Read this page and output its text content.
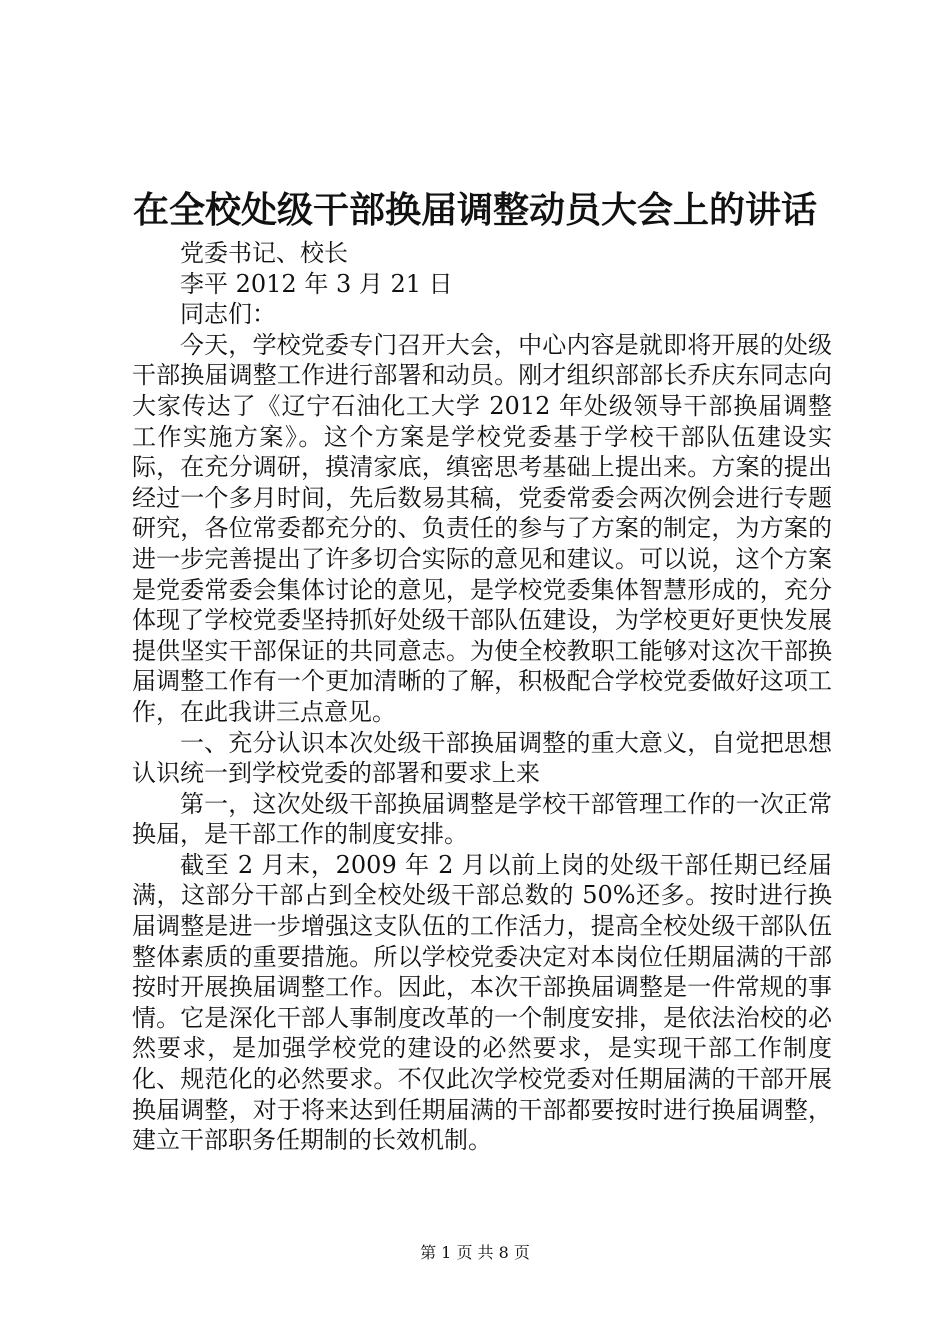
在全校处级干部换届调整动员大会上的讲话

党委书记、校长

李平 2012 年 3 月 21 日

同志们：

今天，学校党委专门召开大会，中心内容是就即将开展的处级干部换届调整工作进行部署和动员。刚才组织部部长乔庆东同志向大家传达了《辽宁石油化工大学 2012 年处级领导干部换届调整工作实施方案》。这个方案是学校党委基于学校干部队伍建设实际，在充分调研，摸清家底，缜密思考基础上提出来。方案的提出经过一个多月时间，先后数易其稿，党委常委会两次例会进行专题研究，各位常委都充分的、负责任的参与了方案的制定，为方案的进一步完善提出了许多切合实际的意见和建议。可以说，这个方案是党委常委会集体讨论的意见，是学校党委集体智慧形成的，充分体现了学校党委坚持抓好处级干部队伍建设，为学校更好更快发展提供坚实干部保证的共同意志。为使全校教职工能够对这次干部换届调整工作有一个更加清晰的了解，积极配合学校党委做好这项工作，在此我讲三点意见。

一、充分认识本次处级干部换届调整的重大意义，自觉把思想认识统一到学校党委的部署和要求上来

第一，这次处级干部换届调整是学校干部管理工作的一次正常换届，是干部工作的制度安排。

截至 2 月末，2009 年 2 月以前上岗的处级干部任期已经届满，这部分干部占到全校处级干部总数的 50%还多。按时进行换届调整是进一步增强这支队伍的工作活力，提高全校处级干部队伍整体素质的重要措施。所以学校党委决定对本岗位任期届满的干部按时开展换届调整工作。因此，本次干部换届调整是一件常规的事情。它是深化干部人事制度改革的一个制度安排，是依法治校的必然要求，是加强学校党的建设的必然要求，是实现干部工作制度化、规范化的必然要求。不仅此次学校党委对任期届满的干部开展换届调整，对于将来达到任期届满的干部都要按时进行换届调整，建立干部职务任期制的长效机制。

第 1 页 共 8 页
